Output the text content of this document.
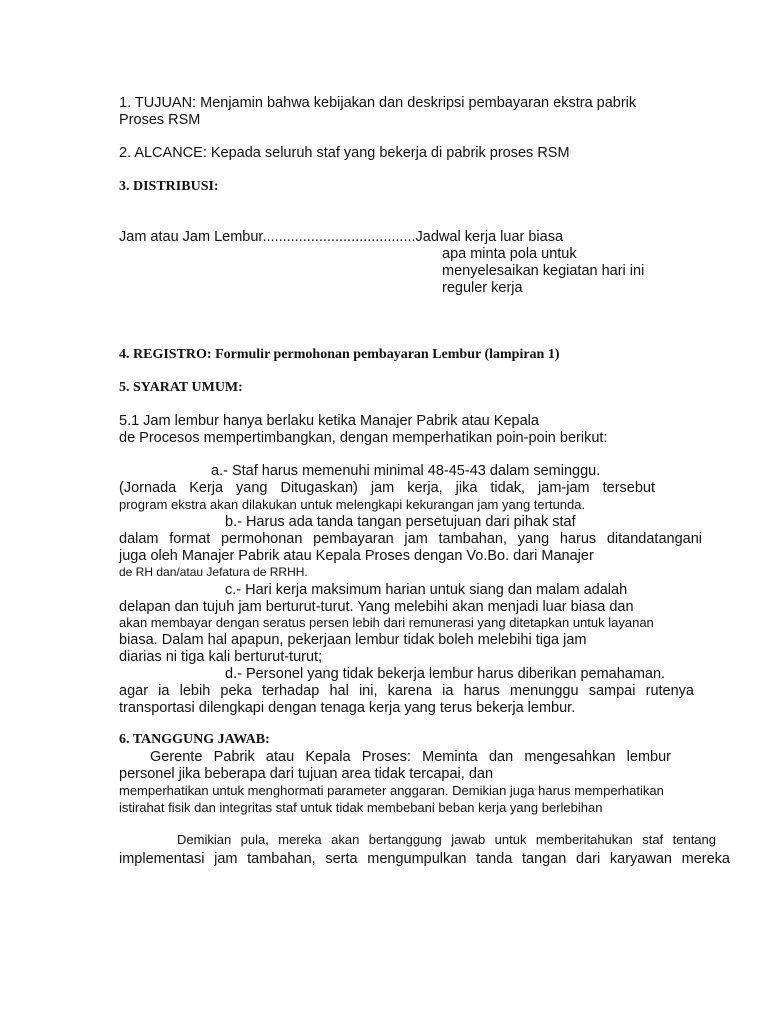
1. TUJUAN: Menjamin bahwa kebijakan dan deskripsi pembayaran ekstra pabrik
Proses RSM
2. ALCANCE: Kepada seluruh staf yang bekerja di pabrik proses RSM
3. DISTRIBUSI:
Jam atau Jam Lembur......................................Jadwal kerja luar biasa
apa minta pola untuk
menyelesaikan kegiatan hari ini
reguler kerja
4. REGISTRO: Formulir permohonan pembayaran Lembur (lampiran 1)
5. SYARAT UMUM:
5.1 Jam lembur hanya berlaku ketika Manajer Pabrik atau Kepala
de Procesos mempertimbangkan, dengan memperhatikan poin-poin berikut:
a.- Staf harus memenuhi minimal 48-45-43 dalam seminggu.
(Jornada Kerja yang Ditugaskan) jam kerja, jika tidak, jam-jam tersebut
program ekstra akan dilakukan untuk melengkapi kekurangan jam yang tertunda.
b.- Harus ada tanda tangan persetujuan dari pihak staf
dalam format permohonan pembayaran jam tambahan, yang harus ditandatangani
juga oleh Manajer Pabrik atau Kepala Proses dengan Vo.Bo. dari Manajer
de RH dan/atau Jefatura de RRHH.
c.- Hari kerja maksimum harian untuk siang dan malam adalah
delapan dan tujuh jam berturut-turut. Yang melebihi akan menjadi luar biasa dan
akan membayar dengan seratus persen lebih dari remunerasi yang ditetapkan untuk layanan
biasa. Dalam hal apapun, pekerjaan lembur tidak boleh melebihi tiga jam
diarias ni tiga kali berturut-turut;
d.- Personel yang tidak bekerja lembur harus diberikan pemahaman.
agar ia lebih peka terhadap hal ini, karena ia harus menunggu sampai rutenya
transportasi dilengkapi dengan tenaga kerja yang terus bekerja lembur.
6. TANGGUNG JAWAB:
Gerente Pabrik atau Kepala Proses: Meminta dan mengesahkan lembur
personel jika beberapa dari tujuan area tidak tercapai, dan
memperhatikan untuk menghormati parameter anggaran. Demikian juga harus memperhatikan
istirahat fisik dan integritas staf untuk tidak membebani beban kerja yang berlebihan
Demikian pula, mereka akan bertanggung jawab untuk memberitahukan staf tentang
implementasi jam tambahan, serta mengumpulkan tanda tangan dari karyawan mereka
